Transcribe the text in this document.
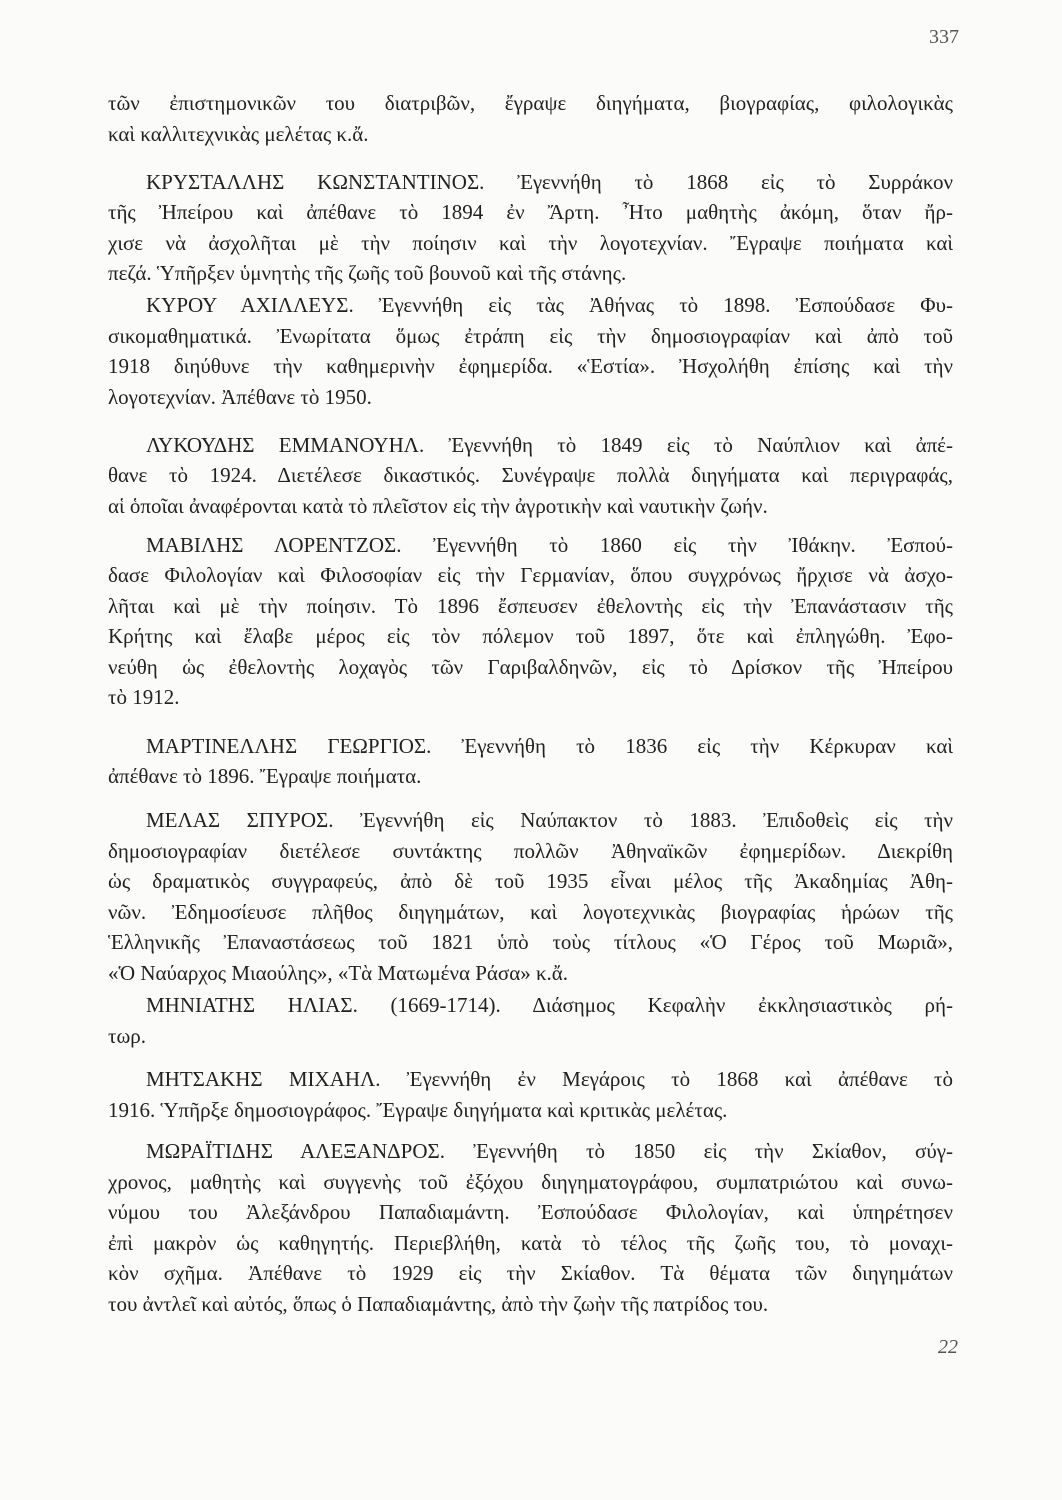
337
τῶν ἐπιστημονικῶν του διατριβῶν, ἔγραψε διηγήματα, βιογραφίας, φιλολογικὰς
καὶ καλλιτεχνικὰς μελέτας κ.ἄ.
ΚΡΥΣΤΑΛΛΗΣ ΚΩΝΣΤΑΝΤΙΝΟΣ. Ἐγεννήθη τὸ 1868 εἰς τὸ Συρράκον
τῆς Ἠπείρου καὶ ἀπέθανε τὸ 1894 ἐν Ἄρτη. Ἦτο μαθητὴς ἀκόμη, ὅταν ἤρ-
χισε νὰ ἀσχολῆται μὲ τὴν ποίησιν καὶ τὴν λογοτεχνίαν. Ἔγραψε ποιήματα καὶ
πεζά. Ὑπῆρξεν ὑμνητὴς τῆς ζωῆς τοῦ βουνοῦ καὶ τῆς στάνης.
ΚΥΡΟΥ ΑΧΙΛΛΕΥΣ. Ἐγεννήθη εἰς τὰς Ἀθήνας τὸ 1898. Ἐσπούδασε Φυ-
σικομαθηματικά. Ἐνωρίτατα ὅμως ἐτράπη εἰς τὴν δημοσιογραφίαν καὶ ἀπὸ τοῦ
1918 διηύθυνε τὴν καθημερινὴν ἐφημερίδα. «Ἑστία». Ἠσχολήθη ἐπίσης καὶ τὴν
λογοτεχνίαν. Ἀπέθανε τὸ 1950.
ΛΥΚΟΥΔΗΣ ΕΜΜΑΝΟΥΗΛ. Ἐγεννήθη τὸ 1849 εἰς τὸ Ναύπλιον καὶ ἀπέ-
θανε τὸ 1924. Διετέλεσε δικαστικός. Συνέγραψε πολλὰ διηγήματα καὶ περιγραφάς,
αἱ ὁποῖαι ἀναφέρονται κατὰ τὸ πλεῖστον εἰς τὴν ἀγροτικὴν καὶ ναυτικὴν ζωήν.
ΜΑΒΙΛΗΣ ΛΟΡΕΝΤΖΟΣ. Ἐγεννήθη τὸ 1860 εἰς τὴν Ἰθάκην. Ἐσπού-
δασε Φιλολογίαν καὶ Φιλοσοφίαν εἰς τὴν Γερμανίαν, ὅπου συγχρόνως ἤρχισε νὰ ἀσχο-
λῆται καὶ μὲ τὴν ποίησιν. Τὸ 1896 ἔσπευσεν ἐθελοντὴς εἰς τὴν Ἐπανάστασιν τῆς
Κρήτης καὶ ἔλαβε μέρος εἰς τὸν πόλεμον τοῦ 1897, ὅτε καὶ ἐπληγώθη. Ἐφο-
νεύθη ὡς ἐθελοντὴς λοχαγὸς τῶν Γαριβαλδηνῶν, εἰς τὸ Δρίσκον τῆς Ἠπείρου
τὸ 1912.
ΜΑΡΤΙΝΕΛΛΗΣ ΓΕΩΡΓΙΟΣ. Ἐγεννήθη τὸ 1836 εἰς τὴν Κέρκυραν καὶ
ἀπέθανε τὸ 1896. Ἔγραψε ποιήματα.
ΜΕΛΑΣ ΣΠΥΡΟΣ. Ἐγεννήθη εἰς Ναύπακτον τὸ 1883. Ἐπιδοθεὶς εἰς τὴν
δημοσιογραφίαν διετέλεσε συντάκτης πολλῶν Ἀθηναϊκῶν ἐφημερίδων. Διεκρίθη
ὡς δραματικὸς συγγραφεύς, ἀπὸ δὲ τοῦ 1935 εἶναι μέλος τῆς Ἀκαδημίας Ἀθη-
νῶν. Ἐδημοσίευσε πλῆθος διηγημάτων, καὶ λογοτεχνικὰς βιογραφίας ἡρώων τῆς
Ἑλληνικῆς Ἐπαναστάσεως τοῦ 1821 ὑπὸ τοὺς τίτλους «Ὁ Γέρος τοῦ Μωριᾶ»,
«Ὁ Ναύαρχος Μιαούλης», «Τὰ Ματωμένα Ράσα» κ.ἄ.
ΜΗΝΙΑΤΗΣ ΗΛΙΑΣ. (1669-1714). Διάσημος Κεφαλὴν ἐκκλησιαστικὸς ρή-
τωρ.
ΜΗΤΣΑΚΗΣ ΜΙΧΑΗΛ. Ἐγεννήθη ἐν Μεγάροις τὸ 1868 καὶ ἀπέθανε τὸ
1916. Ὑπῆρξε δημοσιογράφος. Ἔγραψε διηγήματα καὶ κριτικὰς μελέτας.
ΜΩΡΑΪΤΙΔΗΣ ΑΛΕΞΑΝΔΡΟΣ. Ἐγεννήθη τὸ 1850 εἰς τὴν Σκίαθον, σύγ-
χρονος, μαθητὴς καὶ συγγενὴς τοῦ ἐξόχου διηγηματογράφου, συμπατριώτου καὶ συνω-
νύμου του Ἀλεξάνδρου Παπαδιαμάντη. Ἐσπούδασε Φιλολογίαν, καὶ ὑπηρέτησεν
ἐπὶ μακρὸν ὡς καθηγητής. Περιεβλήθη, κατὰ τὸ τέλος τῆς ζωῆς του, τὸ μοναχι-
κὸν σχῆμα. Ἀπέθανε τὸ 1929 εἰς τὴν Σκίαθον. Τὰ θέματα τῶν διηγημάτων
του ἀντλεῖ καὶ αὐτός, ὅπως ὁ Παπαδιαμάντης, ἀπὸ τὴν ζωὴν τῆς πατρίδος του.
22
